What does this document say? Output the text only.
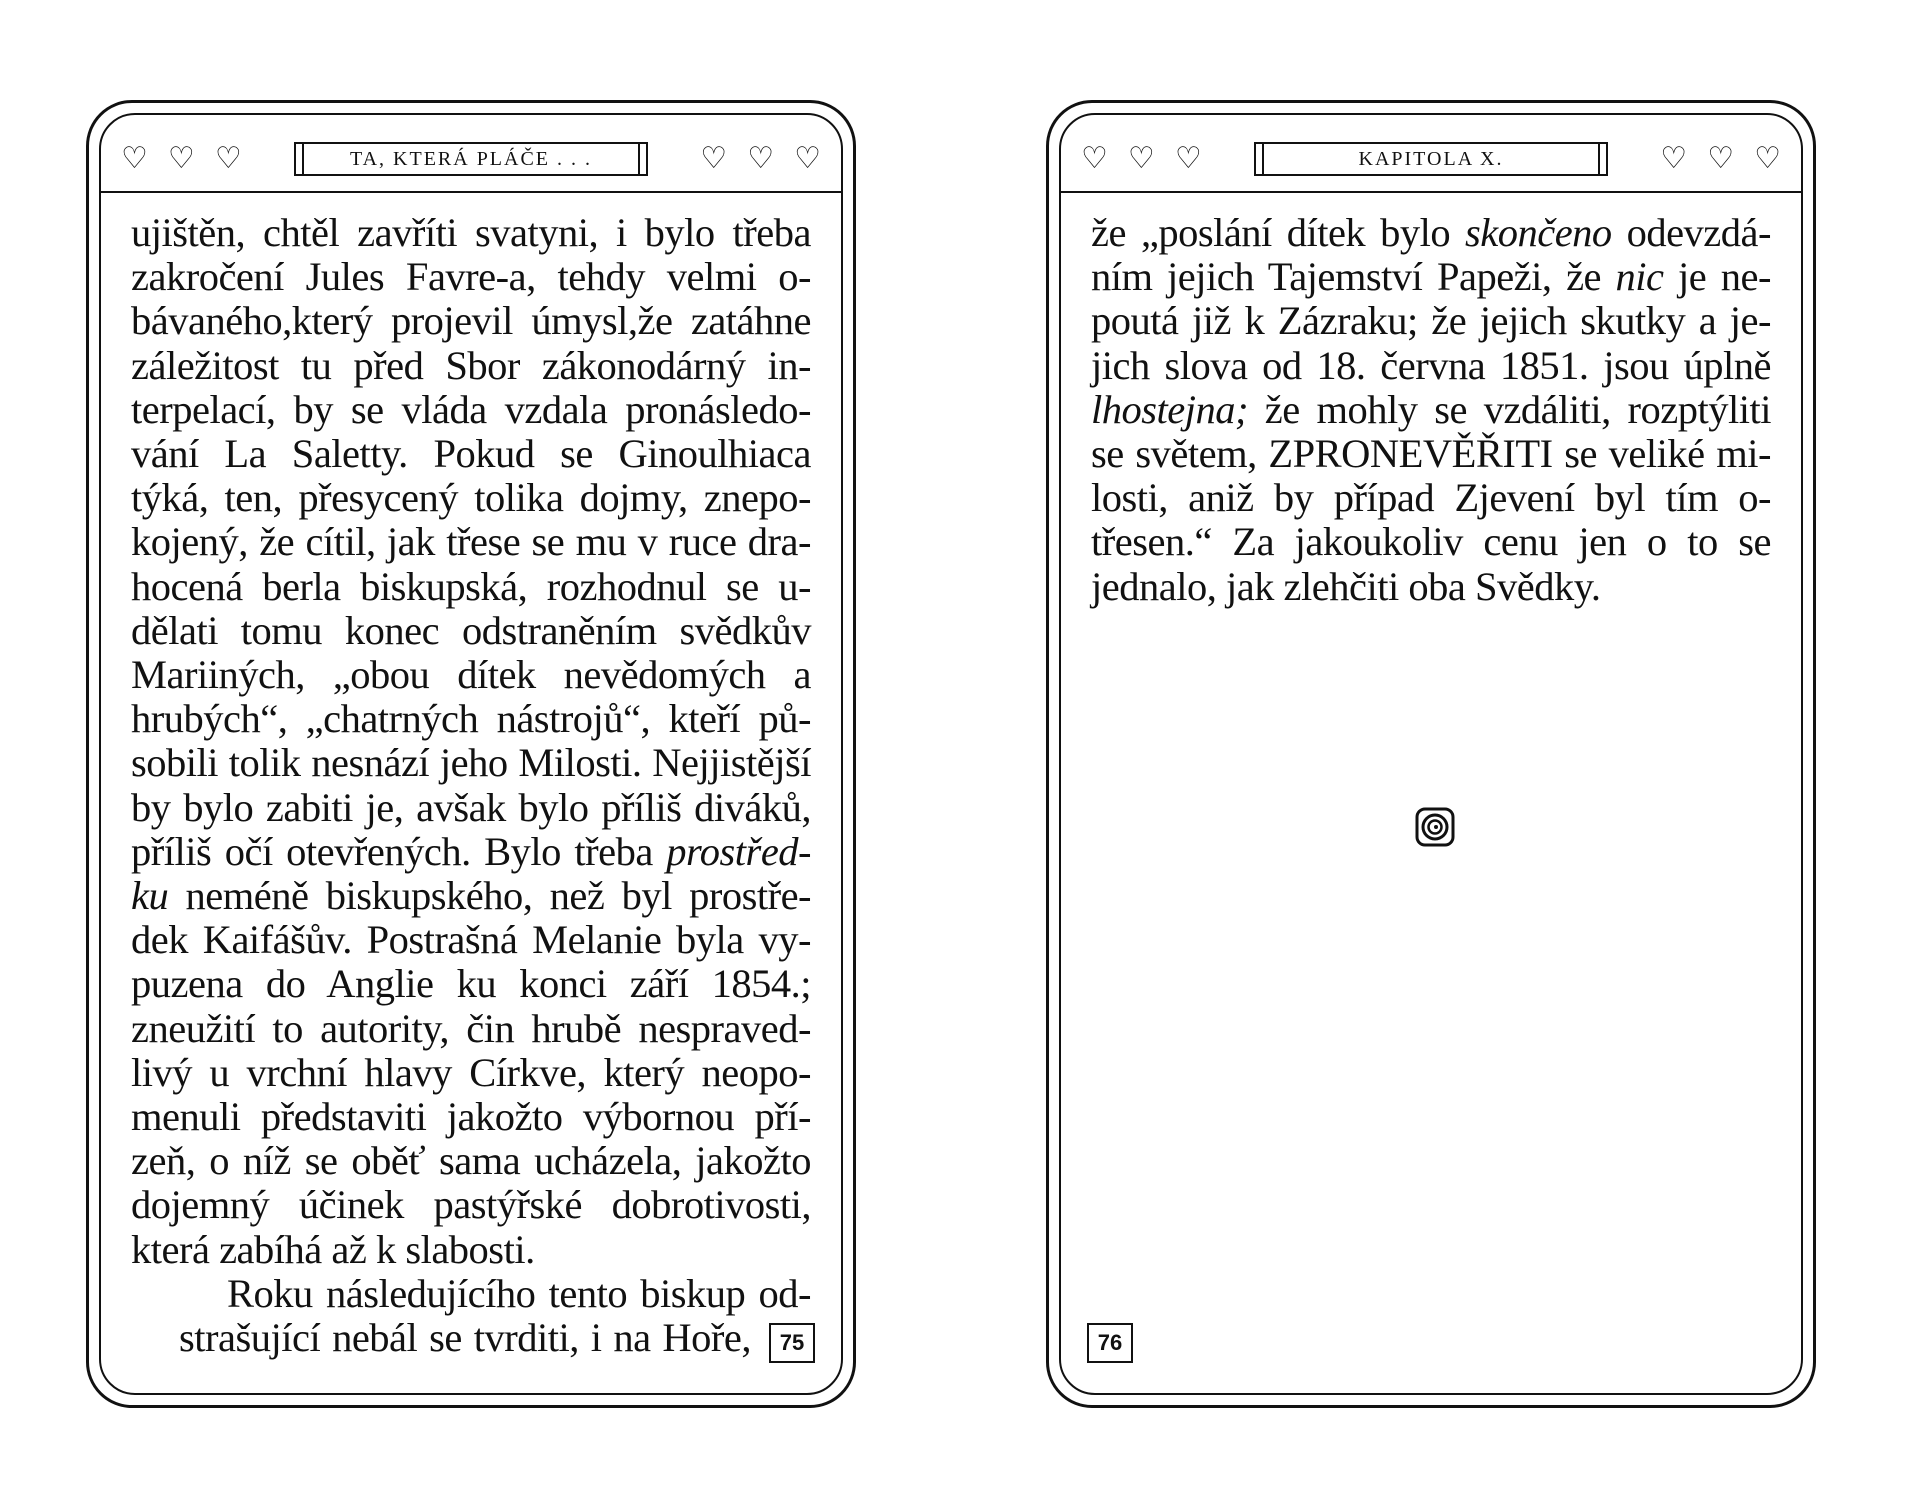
♡ ♡ ♡	TA, KTERÁ PLÁČE . . .	♡ ♡ ♡

ujištěn, chtěl zavříti svatyni, i bylo třeba
zakročení Jules Favre-a, tehdy velmi o-
bávaného,který projevil úmysl,že zatáhne
záležitost tu před Sbor zákonodárný in-
terpelací, by se vláda vzdala pronásledo-
vání La Saletty. Pokud se Ginoulhiaca
týká, ten, přesycený tolika dojmy, znepo-
kojený, že cítil, jak třese se mu v ruce dra-
hocená berla biskupská, rozhodnul se u-
dělati tomu konec odstraněním svědkův
Mariiných, „obou dítek nevědomých a
hrubých“, „chatrných nástrojů“, kteří pů-
sobili tolik nesnází jeho Milosti. Nejjistější
by bylo zabiti je, avšak bylo příliš diváků,
příliš očí otevřených. Bylo třeba prostřed-
ku neméně biskupského, než byl prostře-
dek Kaifášův. Postrašná Melanie byla vy-
puzena do Anglie ku konci září 1854.;
zneužití to autority, čin hrubě nespraved-
livý u vrchní hlavy Církve, který neopo-
menuli představiti jakožto výbornou pří-
zeň, o níž se oběť sama ucházela, jakožto
dojemný účinek pastýřské dobrotivosti,
která zabíhá až k slabosti.

Roku následujícího tento biskup od-
strašující nebál se tvrditi, i na Hoře,	75
♡ ♡ ♡	KAPITOLA X.	♡ ♡ ♡

že „poslání dítek bylo skončeno odevzdá-
ním jejich Tajemství Papeži, že nic je ne-
poutá již k Zázraku; že jejich skutky a je-
jich slova od 18. června 1851. jsou úplně
lhostejna; že mohly se vzdáliti, rozptýliti
se světem, ZPRONEVĚŘITI se veliké mi-
losti, aniž by případ Zjevení byl tím o-
třesen.“ Za jakoukoliv cenu jen o to se
jednalo, jak zlehčiti oba Svědky.

76
